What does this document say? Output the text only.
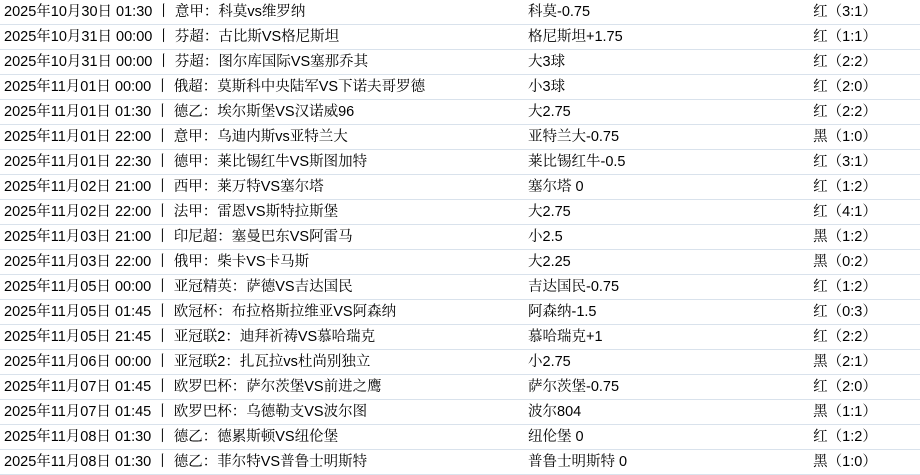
2025年10月30日 01:30 丨 意甲：科莫vs维罗纳	科莫-0.75	红（3:1）
2025年10月31日 00:00 丨 芬超：古比斯VS格尼斯坦	格尼斯坦+1.75	红（1:1）
2025年10月31日 00:00 丨 芬超：图尔库国际VS塞那乔其	大3球	红（2:2）
2025年11月01日 00:00 丨 俄超：莫斯科中央陆军VS下诺夫哥罗德	小3球	红（2:0）
2025年11月01日 01:30 丨 德乙：埃尔斯堡VS汉诺威96	大2.75	红（2:2）
2025年11月01日 22:00 丨 意甲：乌迪内斯vs亚特兰大	亚特兰大-0.75	黑（1:0）
2025年11月01日 22:30 丨 德甲：莱比锡红牛VS斯图加特	莱比锡红牛-0.5	红（3:1）
2025年11月02日 21:00 丨 西甲：莱万特VS塞尔塔	塞尔塔 0	红（1:2）
2025年11月02日 22:00 丨 法甲：雷恩VS斯特拉斯堡	大2.75	红（4:1）
2025年11月03日 21:00 丨 印尼超：塞曼巴东VS阿雷马	小2.5	黑（1:2）
2025年11月03日 22:00 丨 俄甲：柴卡VS卡马斯	大2.25	黑（0:2）
2025年11月05日 00:00 丨 亚冠精英：萨德VS吉达国民	吉达国民-0.75	红（1:2）
2025年11月05日 01:45 丨 欧冠杯：布拉格斯拉维亚VS阿森纳	阿森纳-1.5	红（0:3）
2025年11月05日 21:45 丨 亚冠联2：迪拜祈祷VS慕哈瑞克	慕哈瑞克+1	红（2:2）
2025年11月06日 00:00 丨 亚冠联2：扎瓦拉vs杜尚别独立	小2.75	黑（2:1）
2025年11月07日 01:45 丨 欧罗巴杯：萨尔茨堡VS前进之鹰	萨尔茨堡-0.75	红（2:0）
2025年11月07日 01:45 丨 欧罗巴杯：乌德勒支VS波尔图	波尔804	黑（1:1）
2025年11月08日 01:30 丨 德乙：德累斯顿VS纽伦堡	纽伦堡 0	红（1:2）
2025年11月08日 01:30 丨 德乙：菲尔特VS普鲁士明斯特	普鲁士明斯特 0	黑（1:0）
